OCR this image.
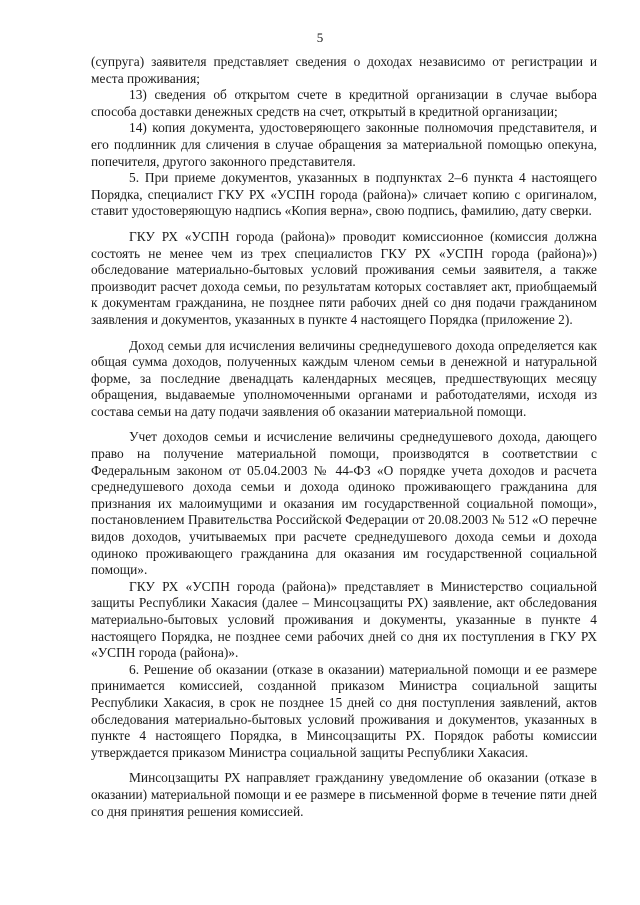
5

(супруга) заявителя представляет сведения о доходах независимо от регистрации и места проживания;

13) сведения об открытом счете в кредитной организации в случае выбора способа доставки денежных средств на счет, открытый в кредитной организации;

14) копия документа, удостоверяющего законные полномочия представителя, и его подлинник для сличения в случае обращения за материальной помощью опекуна, попечителя, другого законного представителя.

5. При приеме документов, указанных в подпунктах 2–6 пункта 4 настоящего Порядка, специалист ГКУ РХ «УСПН города (района)» сличает копию с оригиналом, ставит удостоверяющую надпись «Копия верна», свою подпись, фамилию, дату сверки.

ГКУ РХ «УСПН города (района)» проводит комиссионное (комиссия должна состоять не менее чем из трех специалистов ГКУ РХ «УСПН города (района)») обследование материально-бытовых условий проживания семьи заявителя, а также производит расчет дохода семьи, по результатам которых составляет акт, приобщаемый к документам гражданина, не позднее пяти рабочих дней со дня подачи гражданином заявления и документов, указанных в пункте 4 настоящего Порядка (приложение 2).

Доход семьи для исчисления величины среднедушевого дохода определяется как общая сумма доходов, полученных каждым членом семьи в денежной и натуральной форме, за последние двенадцать календарных месяцев, предшествующих месяцу обращения, выдаваемые уполномоченными органами и работодателями, исходя из состава семьи на дату подачи заявления об оказании материальной помощи.

Учет доходов семьи и исчисление величины среднедушевого дохода, дающего право на получение материальной помощи, производятся в соответствии с Федеральным законом от 05.04.2003 № 44-ФЗ «О порядке учета доходов и расчета среднедушевого дохода семьи и дохода одиноко проживающего гражданина для признания их малоимущими и оказания им государственной социальной помощи», постановлением Правительства Российской Федерации от 20.08.2003 № 512 «О перечне видов доходов, учитываемых при расчете среднедушевого дохода семьи и дохода одиноко проживающего гражданина для оказания им государственной социальной помощи».

ГКУ РХ «УСПН города (района)» представляет в Министерство социальной защиты Республики Хакасия (далее – Минсоцзащиты РХ) заявление, акт обследования материально-бытовых условий проживания и документы, указанные в пункте 4 настоящего Порядка, не позднее семи рабочих дней со дня их поступления в ГКУ РХ «УСПН города (района)».

6. Решение об оказании (отказе в оказании) материальной помощи и ее размере принимается комиссией, созданной приказом Министра социальной защиты Республики Хакасия, в срок не позднее 15 дней со дня поступления заявлений, актов обследования материально-бытовых условий проживания и документов, указанных в пункте 4 настоящего Порядка, в Минсоцзащиты РХ. Порядок работы комиссии утверждается приказом Министра социальной защиты Республики Хакасия.

Минсоцзащиты РХ направляет гражданину уведомление об оказании (отказе в оказании) материальной помощи и ее размере в письменной форме в течение пяти дней со дня принятия решения комиссией.
